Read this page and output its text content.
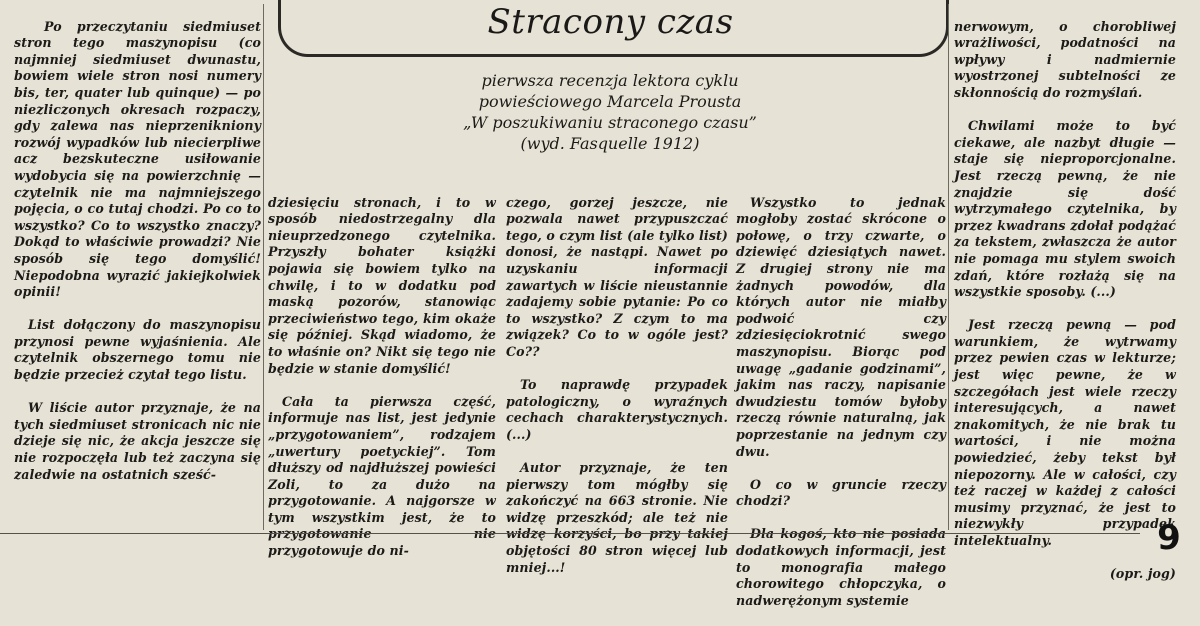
Stracony czas
pierwsza recenzja lektora cyklu
powieściowego Marcela Prousta
„W poszukiwaniu straconego czasu”
(wyd. Fasquelle 1912)

Po przeczytaniu siedmiuset stron tego maszynopisu (co najmniej siedmiuset dwunastu, bowiem wiele stron nosi numery bis, ter, quater lub quinque) — po niezliczonych okresach rozpaczy, gdy zalewa nas nieprzenikniony rozwój wypadków lub niecierpliwe acz bezskuteczne usiłowanie wydobycia się na powierzchnię — czytelnik nie ma najmniejszego pojęcia, o co tutaj chodzi. Po co to wszystko? Co to wszystko znaczy? Dokąd to właściwie prowadzi? Nie sposób się tego domyślić! Niepodobna wyrazić jakiejkolwiek opinii!

List dołączony do maszynopisu przynosi pewne wyjaśnienia. Ale czytelnik obszernego tomu nie będzie przecież czytał tego listu.

W liście autor przyznaje, że na tych siedmiuset stronicach nic nie dzieje się nic, że akcja jeszcze się nie rozpoczęła lub też zaczyna się zaledwie na ostatnich sześć-

dziesięciu stronach, i to w sposób niedostrzegalny dla nieuprzedzonego czytelnika. Przyszły bohater książki pojawia się bowiem tylko na chwilę, i to w dodatku pod maską pozorów, stanowiąc przeciwieństwo tego, kim okaże się później. Skąd wiadomo, że to właśnie on? Nikt się tego nie będzie w stanie domyślić!

Cała ta pierwsza część, informuje nas list, jest jedynie „przygotowaniem”, rodzajem „uwertury poetyckiej”. Tom dłuższy od najdłuższej powieści Zoli, to za dużo na przygotowanie. A najgorsze w tym wszystkim jest, że to przygotowanie nie przygotowuje do ni-

czego, gorzej jeszcze, nie pozwala nawet przypuszczać tego, o czym list (ale tylko list) donosi, że nastąpi. Nawet po uzyskaniu informacji zawartych w liście nieustannie zadajemy sobie pytanie: Po co to wszystko? Z czym to ma związek? Co to w ogóle jest? Co??

To naprawdę przypadek patologiczny, o wyraźnych cechach charakterystycznych. (...)

Autor przyznaje, że ten pierwszy tom mógłby się zakończyć na 663 stronie. Nie widzę przeszkód; ale też nie widzę korzyści, bo przy takiej objętości 80 stron więcej lub mniej...!

Wszystko to jednak mogłoby zostać skrócone o połowę, o trzy czwarte, o dziewięć dziesiątych nawet. Z drugiej strony nie ma żadnych powodów, dla których autor nie miałby podwoić czy zdziesięciokrotnić swego maszynopisu. Biorąc pod uwagę „gadanie godzinami”, jakim nas raczy, napisanie dwudziestu tomów byłoby rzeczą równie naturalną, jak poprzestanie na jednym czy dwu.

O co w gruncie rzeczy chodzi?

Dla kogoś, kto nie posiada dodatkowych informacji, jest to monografia małego chorowitego chłopczyka, o nadwerężonym systemie

nerwowym, o chorobliwej wrażliwości, podatności na wpływy i nadmiernie wyostrzonej subtelności ze skłonnością do rozmyślań.

Chwilami może to być ciekawe, ale nazbyt długie — staje się nieproporcjonalne. Jest rzeczą pewną, że nie znajdzie się dość wytrzymałego czytelnika, by przez kwadrans zdołał podążać za tekstem, zwłaszcza że autor nie pomaga mu stylem swoich zdań, które rozłażą się na wszystkie sposoby. (...)

Jest rzeczą pewną — pod warunkiem, że wytrwamy przez pewien czas w lekturze; jest więc pewne, że w szczegółach jest wiele rzeczy interesujących, a nawet znakomitych, że nie brak tu wartości, i nie można powiedzieć, żeby tekst był niepozorny. Ale w całości, czy też raczej w każdej z całości musimy przyznać, że jest to niezwykły przypadek intelektualny.

(opr. jog)

9
